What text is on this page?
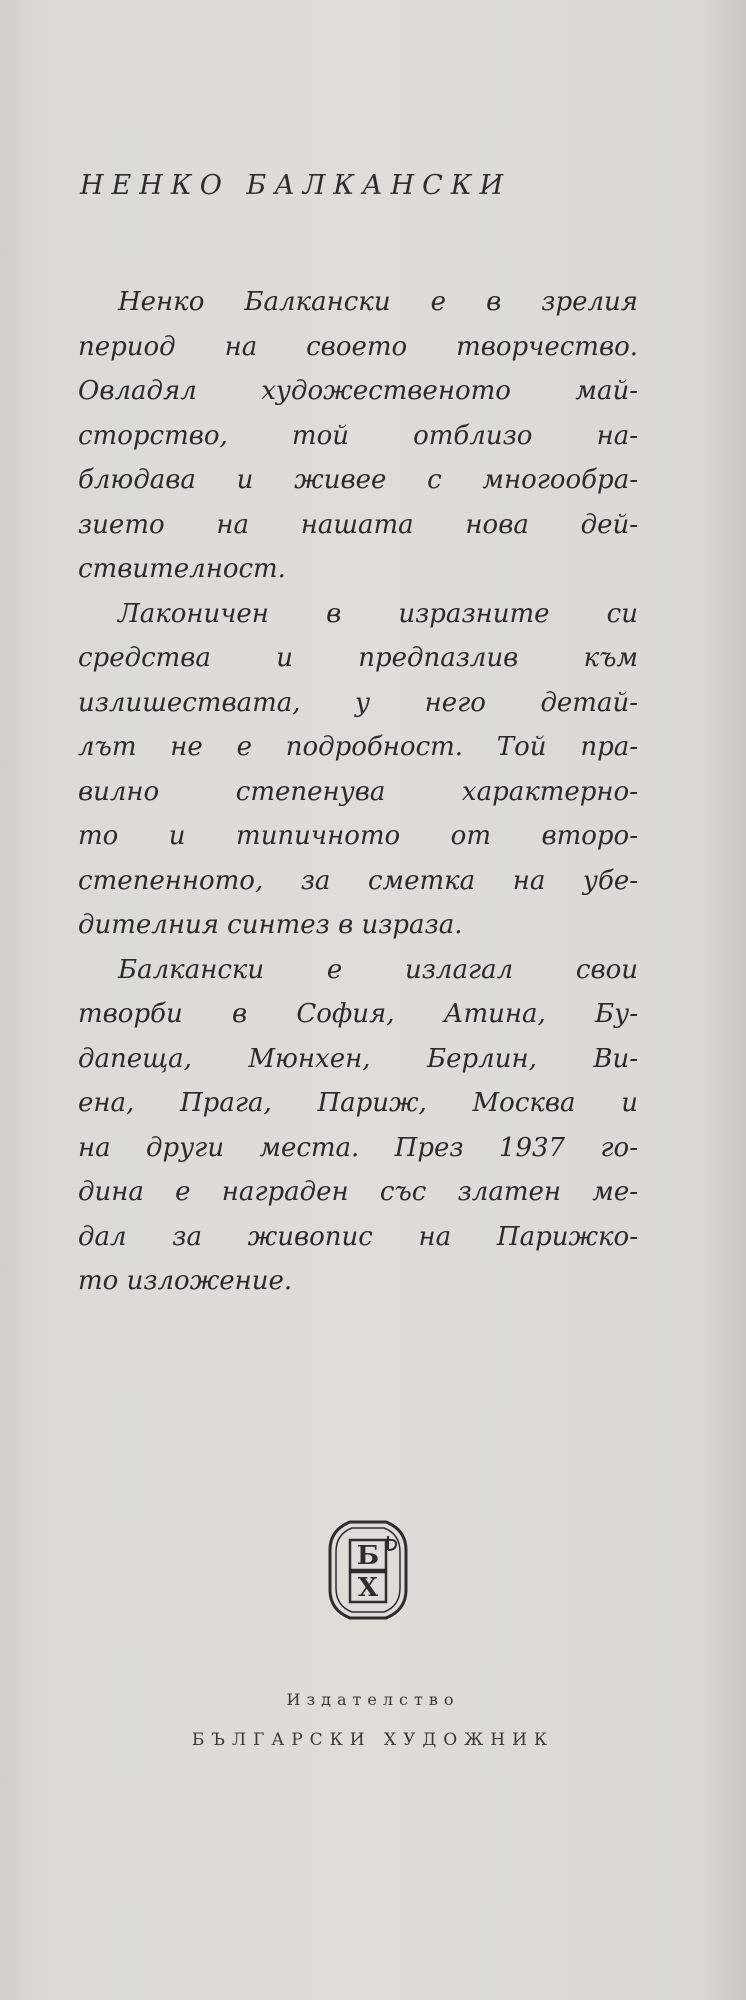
НЕНКО БАЛКАНСКИ
Ненко Балкански е в зрелия
период на своето творчество.
Овладял художественото май-
сторство, той отблизо на-
блюдава и живее с многообра-
зието на нашата нова дей-
ствителност.
Лаконичен в изразните си
средства и предпазлив към
излишествата, у него детай-
лът не е подробност. Той пра-
вилно степенува характерно-
то и типичното от второ-
степенното, за сметка на убе-
дителния синтез в израза.
Балкански е излагал свои
творби в София, Атина, Бу-
дапеща, Мюнхен, Берлин, Ви-
ена, Прага, Париж, Москва и
на други места. През 1937 го-
дина е награден със златен ме-
дал за живопис на Парижко-
то изложение.
Б
Х
Издателство
БЪЛГАРСКИ ХУДОЖНИК
